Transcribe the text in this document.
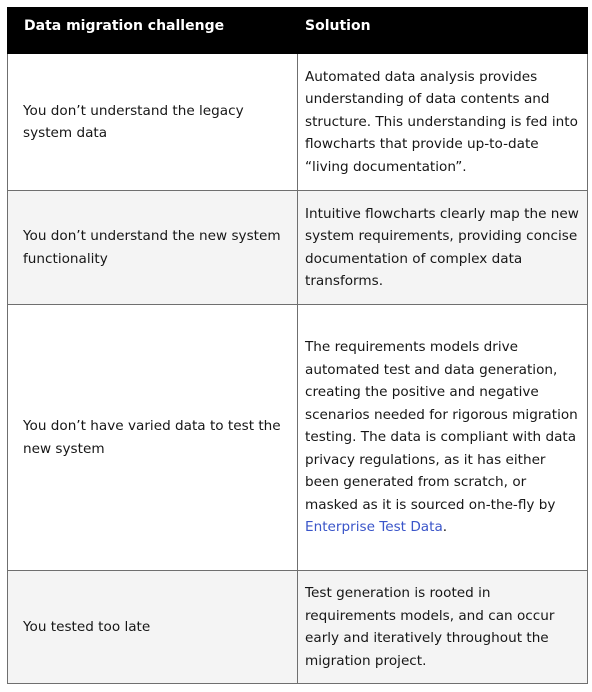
Data migration challenge	Solution
You don’t understand the legacy system data	Automated data analysis provides understanding of data contents and structure. This understanding is fed into flowcharts that provide up-to-date “living documentation”.
You don’t understand the new system functionality	Intuitive flowcharts clearly map the new system requirements, providing concise documentation of complex data transforms.
You don’t have varied data to test the new system	The requirements models drive automated test and data generation, creating the positive and negative scenarios needed for rigorous migration testing. The data is compliant with data privacy regulations, as it has either been generated from scratch, or masked as it is sourced on-the-fly by Enterprise Test Data.
You tested too late	Test generation is rooted in requirements models, and can occur early and iteratively throughout the migration project.
